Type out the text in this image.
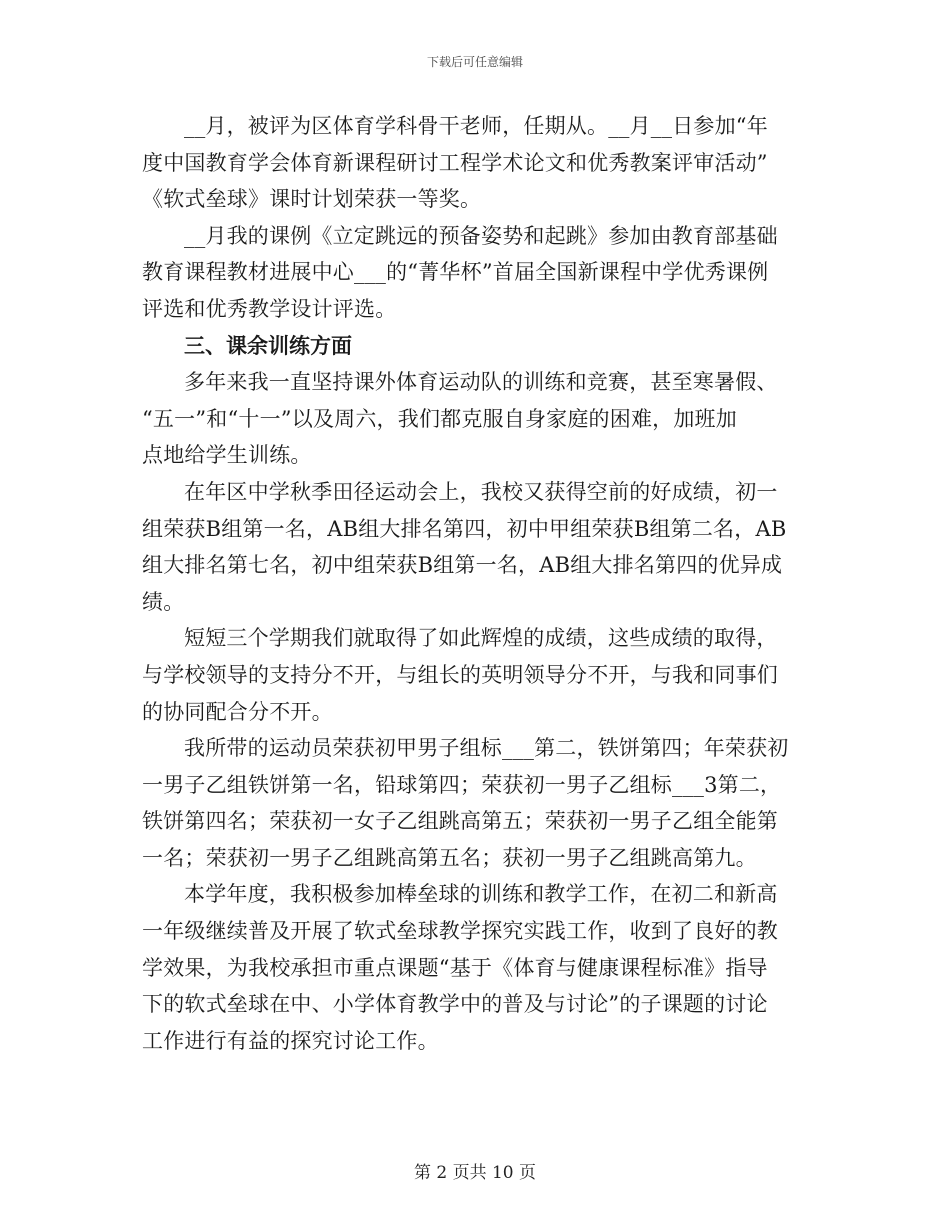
下载后可任意编辑
__月，被评为区体育学科骨干老师，任期从。__月__日参加“年
度中国教育学会体育新课程研讨工程学术论文和优秀教案评审活动”
《软式垒球》课时计划荣获一等奖。
__月我的课例《立定跳远的预备姿势和起跳》参加由教育部基础
教育课程教材进展中心___的“菁华杯”首届全国新课程中学优秀课例
评选和优秀教学设计评选。
三、课余训练方面
多年来我一直坚持课外体育运动队的训练和竞赛，甚至寒暑假、
“五一”和“十一”以及周六，我们都克服自身家庭的困难，加班加
点地给学生训练。
在年区中学秋季田径运动会上，我校又获得空前的好成绩，初一
组荣获B组第一名，AB组大排名第四，初中甲组荣获B组第二名，AB
组大排名第七名，初中组荣获B组第一名，AB组大排名第四的优异成
绩。
短短三个学期我们就取得了如此辉煌的成绩，这些成绩的取得，
与学校领导的支持分不开，与组长的英明领导分不开，与我和同事们
的协同配合分不开。
我所带的运动员荣获初甲男子组标___第二，铁饼第四；年荣获初
一男子乙组铁饼第一名，铅球第四；荣获初一男子乙组标___3第二，
铁饼第四名；荣获初一女子乙组跳高第五；荣获初一男子乙组全能第
一名；荣获初一男子乙组跳高第五名；获初一男子乙组跳高第九。
本学年度，我积极参加棒垒球的训练和教学工作，在初二和新高
一年级继续普及开展了软式垒球教学探究实践工作，收到了良好的教
学效果，为我校承担市重点课题“基于《体育与健康课程标准》指导
下的软式垒球在中、小学体育教学中的普及与讨论”的子课题的讨论
工作进行有益的探究讨论工作。
第 2 页共 10 页
